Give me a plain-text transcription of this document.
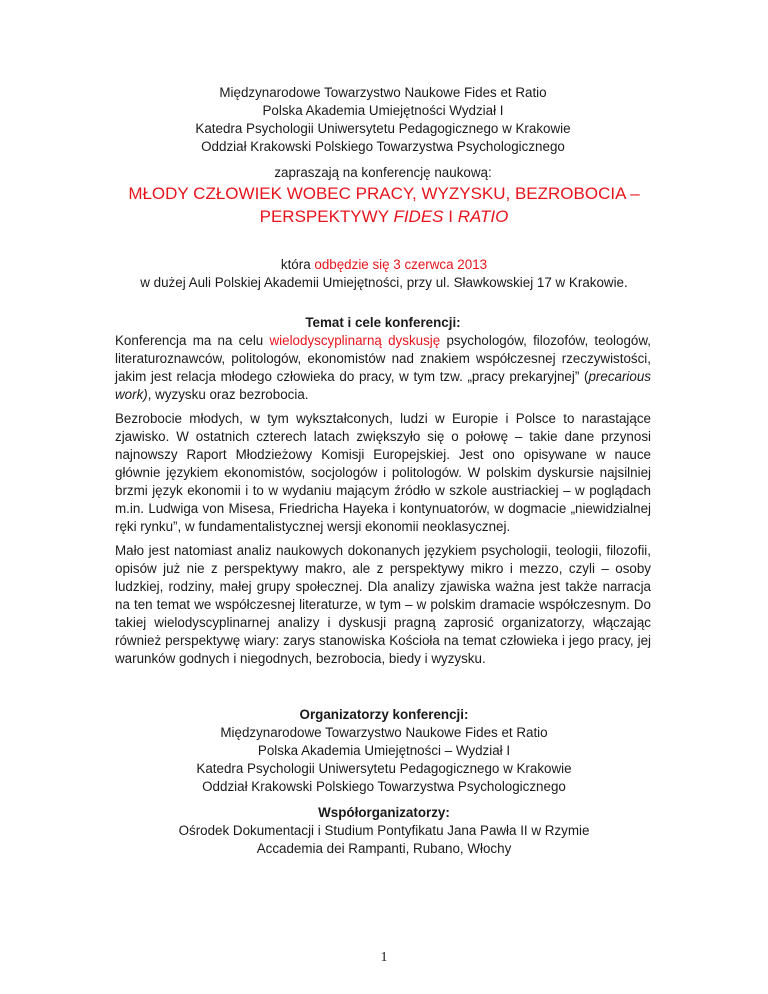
Międzynarodowe Towarzystwo Naukowe Fides et Ratio
Polska Akademia Umiejętności Wydział I
Katedra Psychologii Uniwersytetu Pedagogicznego w Krakowie
Oddział Krakowski Polskiego Towarzystwa Psychologicznego
zapraszają na konferencję naukową:
MŁODY CZŁOWIEK WOBEC PRACY, WYZYSKU, BEZROBOCIA –
PERSPEKTYWY FIDES I RATIO
która odbędzie się 3 czerwca 2013
w dużej Auli Polskiej Akademii Umiejętności, przy ul. Sławkowskiej 17 w Krakowie.
Temat i cele konferencji:

Konferencja ma na celu wielodyscyplinarną dyskusję psychologów, filozofów, teologów, literaturoznawców, politologów, ekonomistów nad znakiem współczesnej rzeczywistości, jakim jest relacja młodego człowieka do pracy, w tym tzw. „pracy prekaryjnej” (precarious work), wyzysku oraz bezrobocia.

Bezrobocie młodych, w tym wykształconych, ludzi w Europie i Polsce to narastające zjawisko. W ostatnich czterech latach zwiększyło się o połowę – takie dane przynosi najnowszy Raport Młodzieżowy Komisji Europejskiej. Jest ono opisywane w nauce głównie językiem ekonomistów, socjologów i politologów. W polskim dyskursie najsilniej brzmi język ekonomii i to w wydaniu mającym źródło w szkole austriackiej – w poglądach m.in. Ludwiga von Misesa, Friedricha Hayeka i kontynuatorów, w dogmacie „niewidzialnej ręki rynku”, w fundamentalistycznej wersji ekonomii neoklasycznej.

Mało jest natomiast analiz naukowych dokonanych językiem psychologii, teologii, filozofii, opisów już nie z perspektywy makro, ale z perspektywy mikro i mezzo, czyli – osoby ludzkiej, rodziny, małej grupy społecznej. Dla analizy zjawiska ważna jest także narracja na ten temat we współczesnej literaturze, w tym – w polskim dramacie współczesnym. Do takiej wielodyscyplinarnej analizy i dyskusji pragną zaprosić organizatorzy, włączając również perspektywę wiary: zarys stanowiska Kościoła na temat człowieka i jego pracy, jej warunków godnych i niegodnych, bezrobocia, biedy i wyzysku.

Organizatorzy konferencji:
Międzynarodowe Towarzystwo Naukowe Fides et Ratio
Polska Akademia Umiejętności – Wydział I
Katedra Psychologii Uniwersytetu Pedagogicznego w Krakowie
Oddział Krakowski Polskiego Towarzystwa Psychologicznego
Współorganizatorzy:
Ośrodek Dokumentacji i Studium Pontyfikatu Jana Pawła II w Rzymie
Accademia dei Rampanti, Rubano, Włochy
1
